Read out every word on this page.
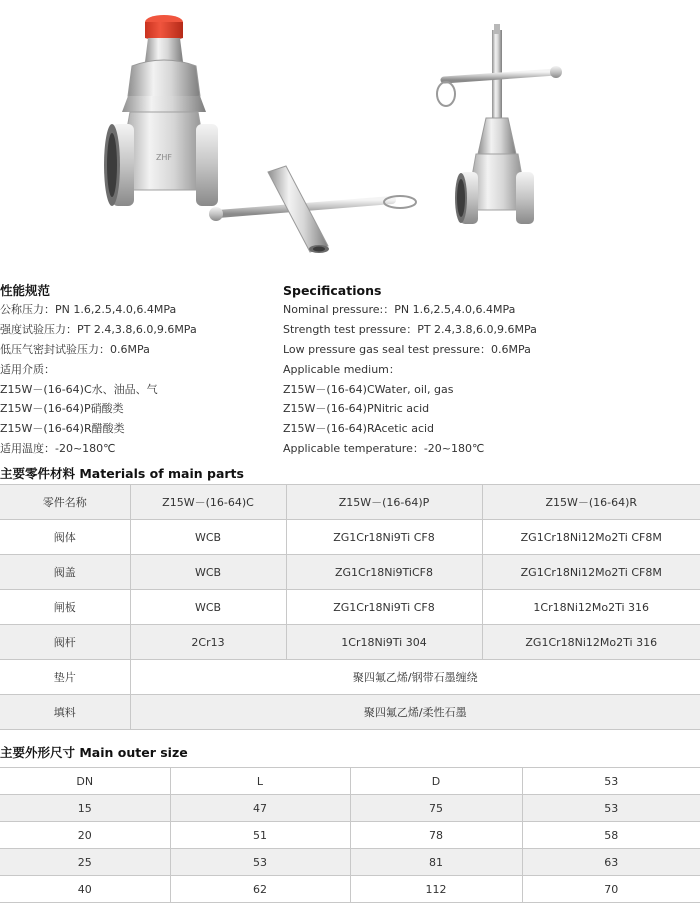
ZHF
性能规范
公称压力：PN 1.6,2.5,4.0,6.4MPa
强度试验压力：PT 2.4,3.8,6.0,9.6MPa
低压气密封试验压力：0.6MPa
适用介质：
Z15W－(16-64)C水、油品、气
Z15W－(16-64)P硝酸类
Z15W－(16-64)R醋酸类
适用温度：-20~180℃
Specifications
Nominal pressure:：PN 1.6,2.5,4.0,6.4MPa
Strength test pressure：PT 2.4,3.8,6.0,9.6MPa
Low pressure gas seal test pressure：0.6MPa
Applicable medium：
Z15W－(16-64)CWater, oil, gas
Z15W－(16-64)PNitric acid
Z15W－(16-64)RAcetic acid
Applicable temperature：-20~180℃
主要零件材料 Materials of main parts
零件名称	Z15W－(16-64)C	Z15W－(16-64)P	Z15W－(16-64)R
阀体	WCB	ZG1Cr18Ni9Ti CF8	ZG1Cr18Ni12Mo2Ti CF8M
阀盖	WCB	ZG1Cr18Ni9TiCF8	ZG1Cr18Ni12Mo2Ti CF8M
闸板	WCB	ZG1Cr18Ni9Ti CF8	1Cr18Ni12Mo2Ti 316
阀杆	2Cr13	1Cr18Ni9Ti 304	ZG1Cr18Ni12Mo2Ti 316
垫片	聚四氟乙烯/钢带石墨缠绕		
填料	聚四氟乙烯/柔性石墨		
主要外形尺寸 Main outer size
DN	L	D	53
15	47	75	53
20	51	78	58
25	53	81	63
40	62	112	70
